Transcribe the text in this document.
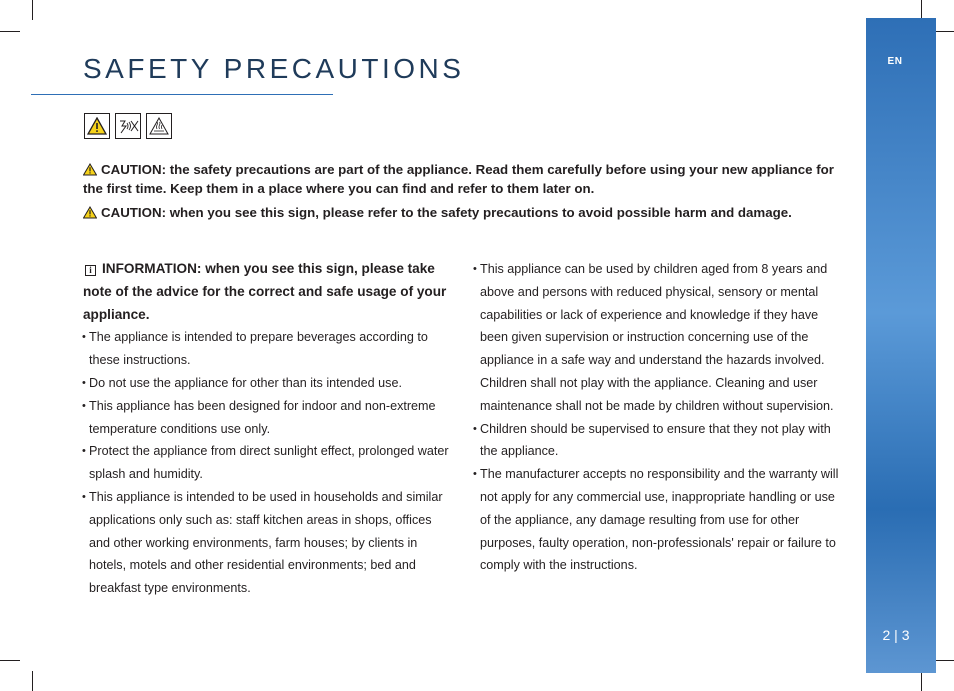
EN
2 | 3
SAFETY PRECAUTIONS
CAUTION: the safety precautions are part of the appliance. Read them carefully before using your new appliance for the first time. Keep them in a place where you can find and refer to them later on.
CAUTION: when you see this sign, please refer to the safety precautions to avoid possible harm and damage.
i INFORMATION: when you see this sign, please take note of the advice for the correct and safe usage of your appliance.
• The appliance is intended to prepare beverages according to these instructions.
• Do not use the appliance for other than its intended use.
• This appliance has been designed for indoor and non-extreme temperature conditions use only.
• Protect the appliance from direct sunlight effect, prolonged water splash and humidity.
• This appliance is intended to be used in households and similar applications only such as: staff kitchen areas in shops, offices and other working environments, farm houses; by clients in hotels, motels and other residential environments; bed and breakfast type environments.
• This appliance can be used by children aged from 8 years and above and persons with reduced physical, sensory or mental capabilities or lack of experience and knowledge if they have been given supervision or instruction concerning use of the appliance in a safe way and understand the hazards involved. Children shall not play with the appliance. Cleaning and user maintenance shall not be made by children without supervision.
• Children should be supervised to ensure that they not play with the appliance.
• The manufacturer accepts no responsibility and the warranty will not apply for any commercial use, inappropriate handling or use of the appliance, any damage resulting from use for other purposes, faulty operation, non-professionals' repair or failure to comply with the instructions.
